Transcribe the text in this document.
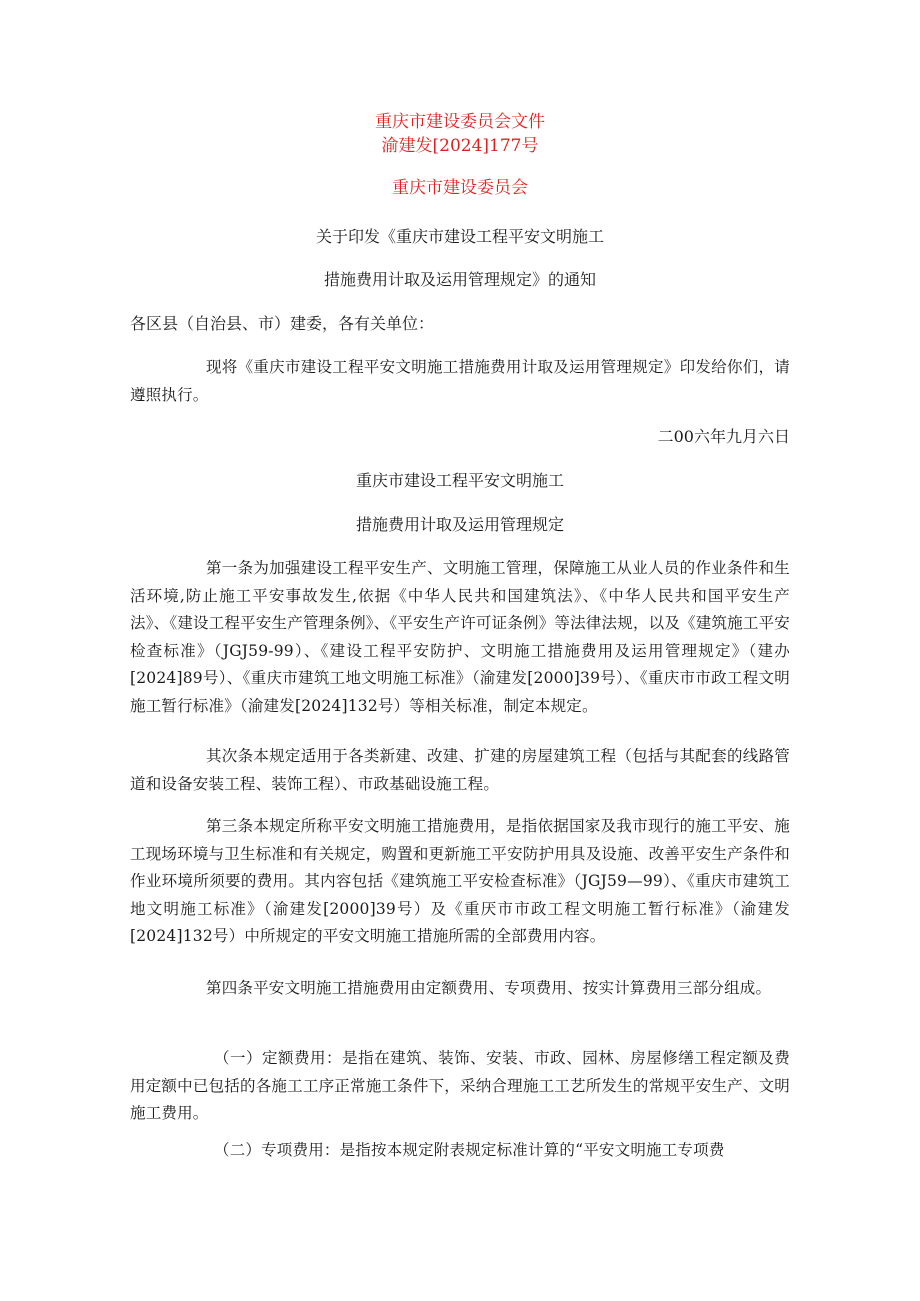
重庆市建设委员会文件
渝建发[2024]177号
重庆市建设委员会
关于印发《重庆市建设工程平安文明施工
措施费用计取及运用管理规定》的通知
各区县（自治县、市）建委，各有关单位：
现将《重庆市建设工程平安文明施工措施费用计取及运用管理规定》印发给你们，请遵照执行。
二00六年九月六日
重庆市建设工程平安文明施工
措施费用计取及运用管理规定
第一条为加强建设工程平安生产、文明施工管理，保障施工从业人员的作业条件和生活环境,防止施工平安事故发生,依据《中华人民共和国建筑法》、《中华人民共和国平安生产法》、《建设工程平安生产管理条例》、《平安生产许可证条例》等法律法规，以及《建筑施工平安检查标准》（JGJ59-99）、《建设工程平安防护、文明施工措施费用及运用管理规定》（建办[2024]89号）、《重庆市建筑工地文明施工标准》（渝建发[2000]39号）、《重庆市市政工程文明施工暂行标准》（渝建发[2024]132号）等相关标准，制定本规定。
其次条本规定适用于各类新建、改建、扩建的房屋建筑工程（包括与其配套的线路管道和设备安装工程、装饰工程）、市政基础设施工程。
第三条本规定所称平安文明施工措施费用，是指依据国家及我市现行的施工平安、施工现场环境与卫生标准和有关规定，购置和更新施工平安防护用具及设施、改善平安生产条件和作业环境所须要的费用。其内容包括《建筑施工平安检查标准》（JGJ59—99）、《重庆市建筑工地文明施工标准》（渝建发[2000]39号）及《重厌市市政工程文明施工暂行标准》（渝建发[2024]132号）中所规定的平安文明施工措施所需的全部费用内容。
第四条平安文明施工措施费用由定额费用、专项费用、按实计算费用三部分组成。
（一）定额费用：是指在建筑、装饰、安装、市政、园林、房屋修缮工程定额及费用定额中已包括的各施工工序正常施工条件下，采纳合理施工工艺所发生的常规平安生产、文明施工费用。
（二）专项费用：是指按本规定附表规定标准计算的“平安文明施工专项费
